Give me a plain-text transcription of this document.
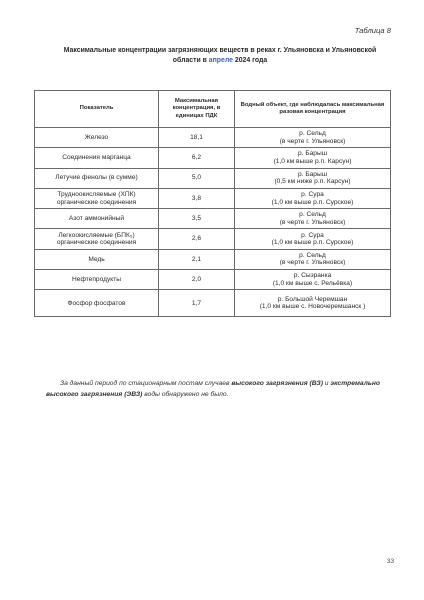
Таблица 8
Максимальные концентрации загрязняющих веществ в реках г. Ульяновска и Ульяновской области в апреле 2024 года
Показатель	Максимальная концентрация, в единицах ПДК	Водный объект, где наблюдалась максимальная разовая концентрация

Железо	18,1	р. Сельд
(в черте г. Ульяновск)

Соединения марганца	6,2	р. Барыш
(1,0 км выше р.п. Карсун)

Летучие фенолы (в сумме)	5,0	р. Барыш
(0,5 км ниже р.п. Карсун)

Трудноокисляемые (ХПК)
органические соединения	3,8	р. Сура
(1,0 км выше р.п. Сурское)

Азот аммонийный	3,5	р. Сельд
(в черте г. Ульяновск)

Легкоокисляемые (БПК₅)
органические соединения	2,6	р. Сура
(1,0 км выше р.п. Сурское)

Медь	2,1	р. Сельд
(в черте г. Ульяновск)

Нефтепродукты	2,0	р. Сызранка
(1,0 км выше с. Рельёвка)

Фосфор фосфатов	1,7	р. Большой Черемшан
(1,0 км выше с. Новочеремшанск )
За данный период по стационарным постам случаев высокого загрязнения (ВЗ) и экстремально высокого загрязнения (ЭВЗ) воды обнаружено не было.
33
